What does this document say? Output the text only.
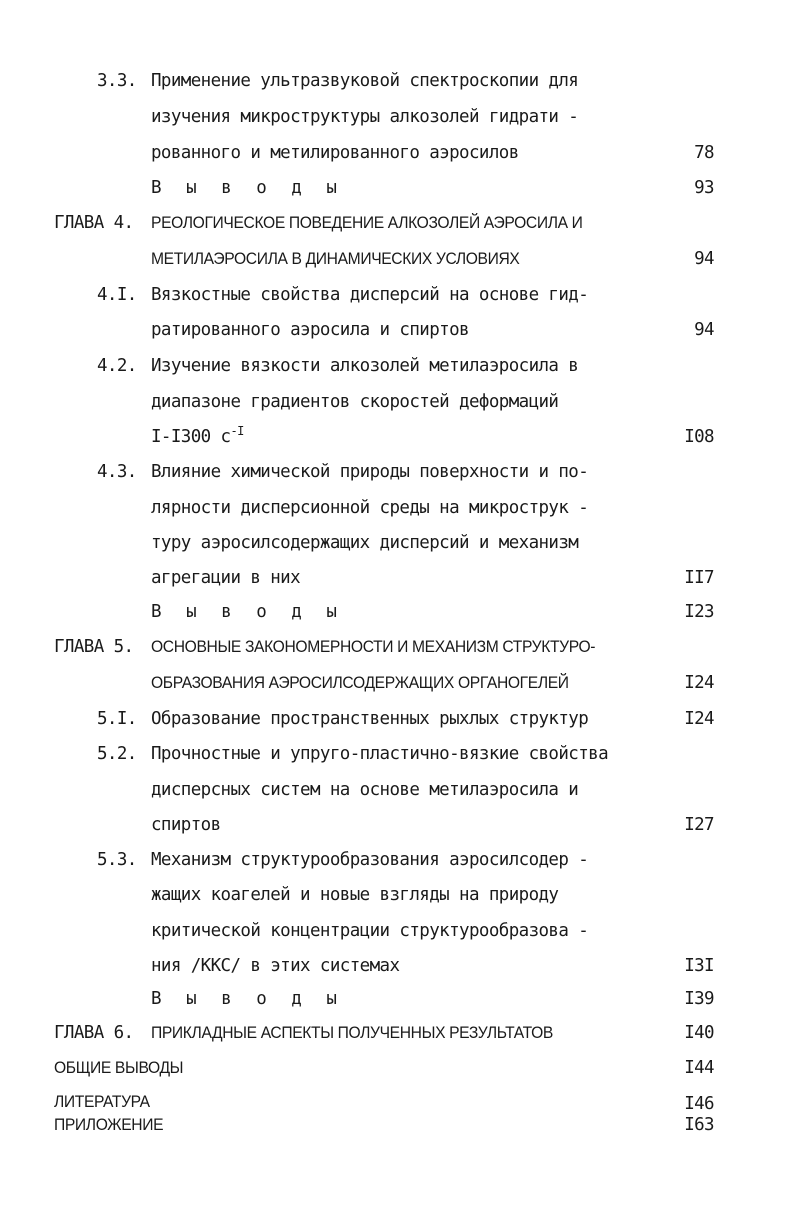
3.3. Применение ультразвуковой спектроскопии для
изучения микроструктуры алкозолей гидрати -
рованного и метилированного аэросилов	78
В ы в о д ы	93
ГЛАВА 4. РЕОЛОГИЧЕСКОЕ ПОВЕДЕНИЕ АЛКОЗОЛЕЙ АЭРОСИЛА И
МЕТИЛАЭРОСИЛА В ДИНАМИЧЕСКИХ УСЛОВИЯХ	94
4.I. Вязкостные свойства дисперсий на основе гид-
ратированного аэросила и спиртов	94
4.2. Изучение вязкости алкозолей метилаэросила в
диапазоне градиентов скоростей деформаций
I-I300 $с^{-I}$	I08
4.3. Влияние химической природы поверхности и по-
лярности дисперсионной среды на микрострук -
туру аэросилсодержащих дисперсий и механизм
агрегации в них	II7
В ы в о д ы	I23
ГЛАВА 5. ОСНОВНЫЕ ЗАКОНОМЕРНОСТИ И МЕХАНИЗМ СТРУКТУРО-
ОБРАЗОВАНИЯ АЭРОСИЛСОДЕРЖАЩИХ ОРГАНОГЕЛЕЙ	I24
5.I. Образование пространственных рыхлых структур	I24
5.2. Прочностные и упруго-пластично-вязкие свойства
дисперсных систем на основе метилаэросила и
спиртов	I27
5.3. Механизм структурообразования аэросилсодер -
жащих коагелей и новые взгляды на природу
критической концентрации структурообразова -
ния /ККС/ в этих системах	I3I
В ы в о д ы	I39
ГЛАВА 6. ПРИКЛАДНЫЕ АСПЕКТЫ ПОЛУЧЕННЫХ РЕЗУЛЬТАТОВ	I40
ОБЩИЕ ВЫВОДЫ	I44
ЛИТЕРАТУРА	I46
ПРИЛОЖЕНИЕ	I63
